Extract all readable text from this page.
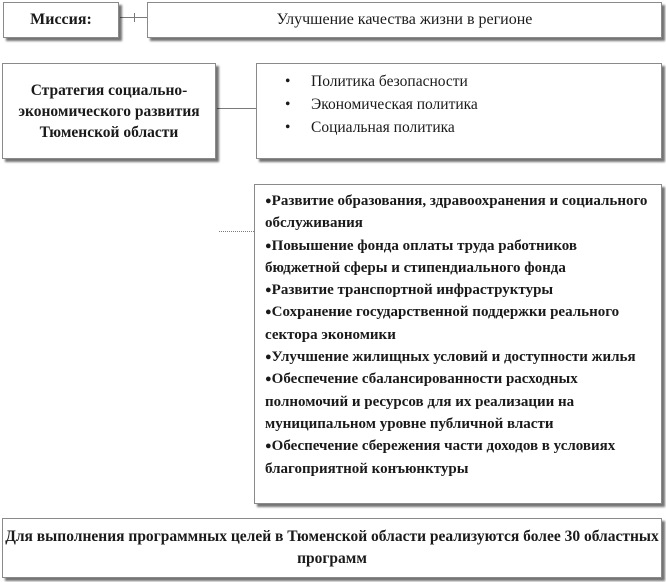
Миссия:	Улучшение качества жизни в регионе
Стратегия социально-экономического развития Тюменской области
•	Политика безопасности
•	Экономическая политика
•	Социальная политика
●Развитие образования, здравоохранения и социального обслуживания
●Повышение фонда оплаты труда работников бюджетной сферы и стипендиального фонда
●Развитие транспортной инфраструктуры
●Сохранение государственной поддержки реального сектора экономики
●Улучшение жилищных условий и доступности жилья
●Обеспечение сбалансированности расходных полномочий и ресурсов для их реализации на муниципальном уровне публичной власти
●Обеспечение сбережения части доходов в условиях благоприятной конъюнктуры
Для выполнения программных целей в Тюменской области реализуются более 30 областных программ
